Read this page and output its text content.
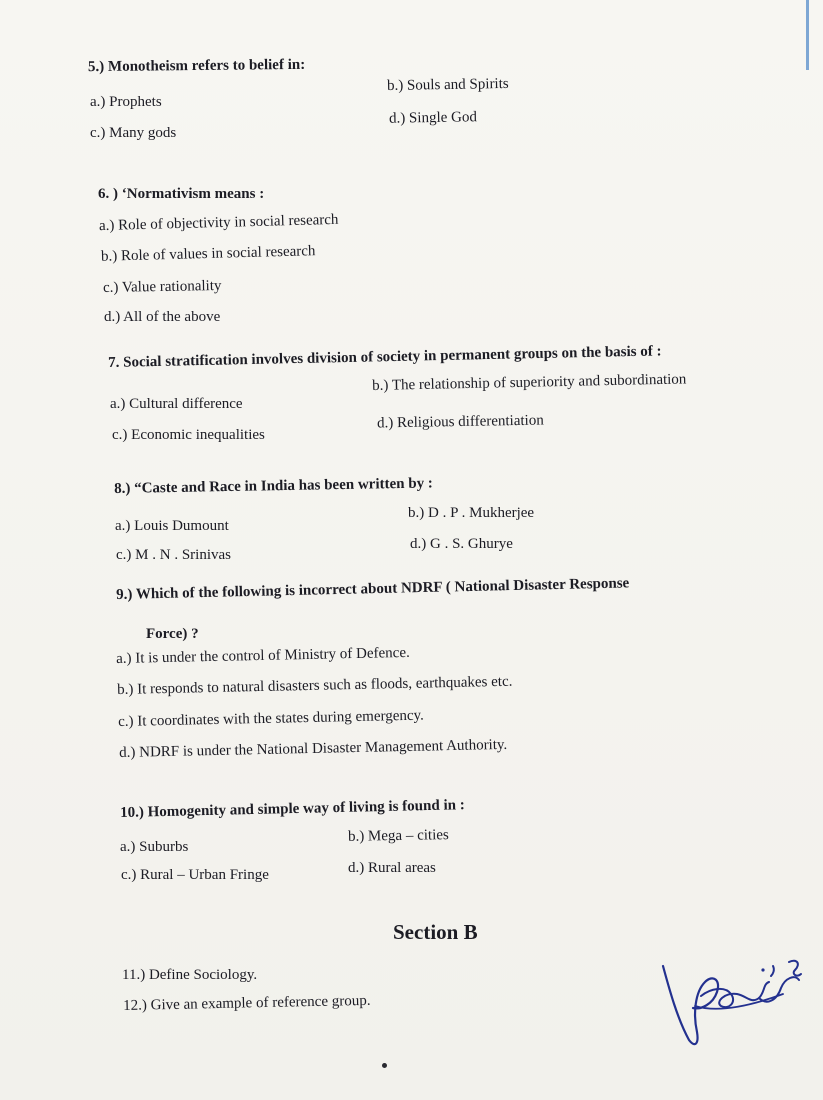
5.) Monotheism refers to belief in:
a.) Prophets
b.) Souls and Spirits
c.) Many gods
d.) Single God
6. ) ‘Normativism means :
a.) Role of objectivity in social research
b.) Role of values in social research
c.) Value rationality
d.) All of the above
7. Social stratification involves division of society in permanent groups on the basis of :
a.) Cultural difference
b.) The relationship of superiority and subordination
c.) Economic inequalities
d.) Religious differentiation
8.) “Caste and Race in India has been written by :
a.) Louis Dumount
b.) D . P . Mukherjee
c.) M . N . Srinivas
d.) G . S. Ghurye
9.) Which of the following is incorrect about NDRF ( National Disaster Response
Force) ?
a.) It is under the control of Ministry of Defence.
b.) It responds to natural disasters such as floods, earthquakes etc.
c.) It coordinates with the states during emergency.
d.) NDRF is under the National Disaster Management Authority.
10.) Homogenity and simple way of living is found in :
a.) Suburbs
b.) Mega – cities
c.) Rural – Urban Fringe	d.) Rural areas
Section B
11.) Define Sociology.
12.) Give an example of reference group.
